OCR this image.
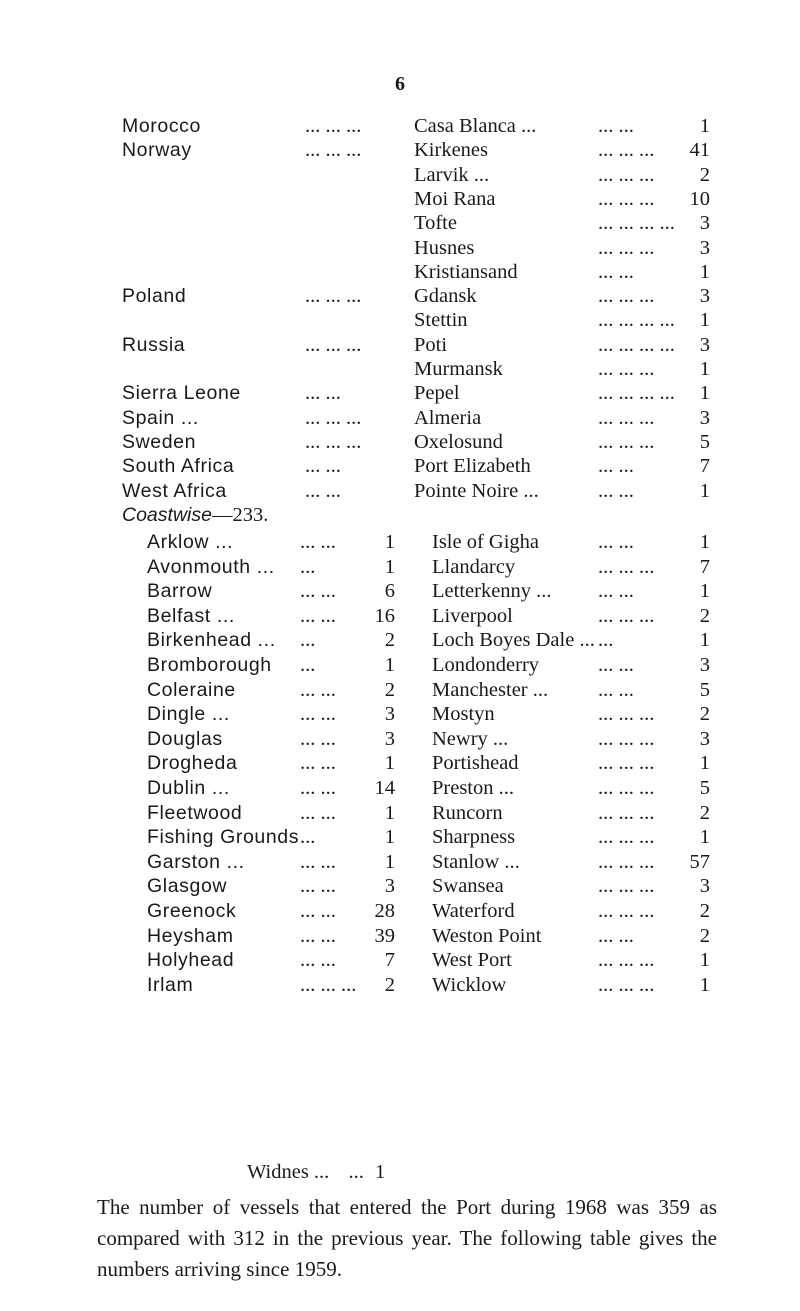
6
Morocco	... ... ...	Casa Blanca ...	... ...	1
Norway	... ... ...	Kirkenes	... ... ...	41
Larvik ...	... ... ...	2
Moi Rana	... ... ...	10
Tofte	... ... ... ...	3
Husnes	... ... ...	3
Kristiansand	... ...	1
Poland	... ... ...	Gdansk	... ... ...	3
Stettin	... ... ... ...	1
Russia	... ... ...	Poti	... ... ... ...	3
Murmansk	... ... ...	1
Sierra Leone	... ...	Pepel	... ... ... ...	1
Spain ...	... ... ...	Almeria	... ... ...	3
Sweden	... ... ...	Oxelosund	... ... ...	5
South Africa	... ...	Port Elizabeth	... ...	7
West Africa	... ...	Pointe Noire ...	... ...	1
Coastwise—233.
Arklow ...	... ...	1 Isle of Gigha	... ...	1
Avonmouth ... ...	1 Llandarcy	... ... ...	7
Barrow	... ...	6 Letterkenny ... ... ...	1
Belfast ...	... ...	16 Liverpool	... ... ...	2
Birkenhead ... ...	2 Loch Boyes Dale ... ...	1
Bromborough ...	1 Londonderry	... ...	3
Coleraine	... ...	2 Manchester ... ... ...	5
Dingle ...	... ...	3 Mostyn	... ... ...	2
Douglas	... ...	3 Newry ...	... ... ...	3
Drogheda	... ...	1 Portishead	... ... ...	1
Dublin ...	... ...	14 Preston ...	... ... ...	5
Fleetwood	... ...	1 Runcorn	... ... ...	2
Fishing Grounds ...	1 Sharpness	... ... ...	1
Garston ...	... ...	1 Stanlow ...	... ... ...	57
Glasgow	... ...	3 Swansea	... ... ...	3
Greenock	... ...	28 Waterford	... ... ...	2
Heysham	... ...	39 Weston Point	... ...	2
Holyhead	... ...	7 West Port	... ... ...	1
Irlam	... ... ...	2 Wicklow	... ... ...	1
Widnes ... ... 1
The number of vessels that entered the Port during 1968 was 359 as compared with 312 in the previous year. The following table gives the numbers arriving since 1959.
